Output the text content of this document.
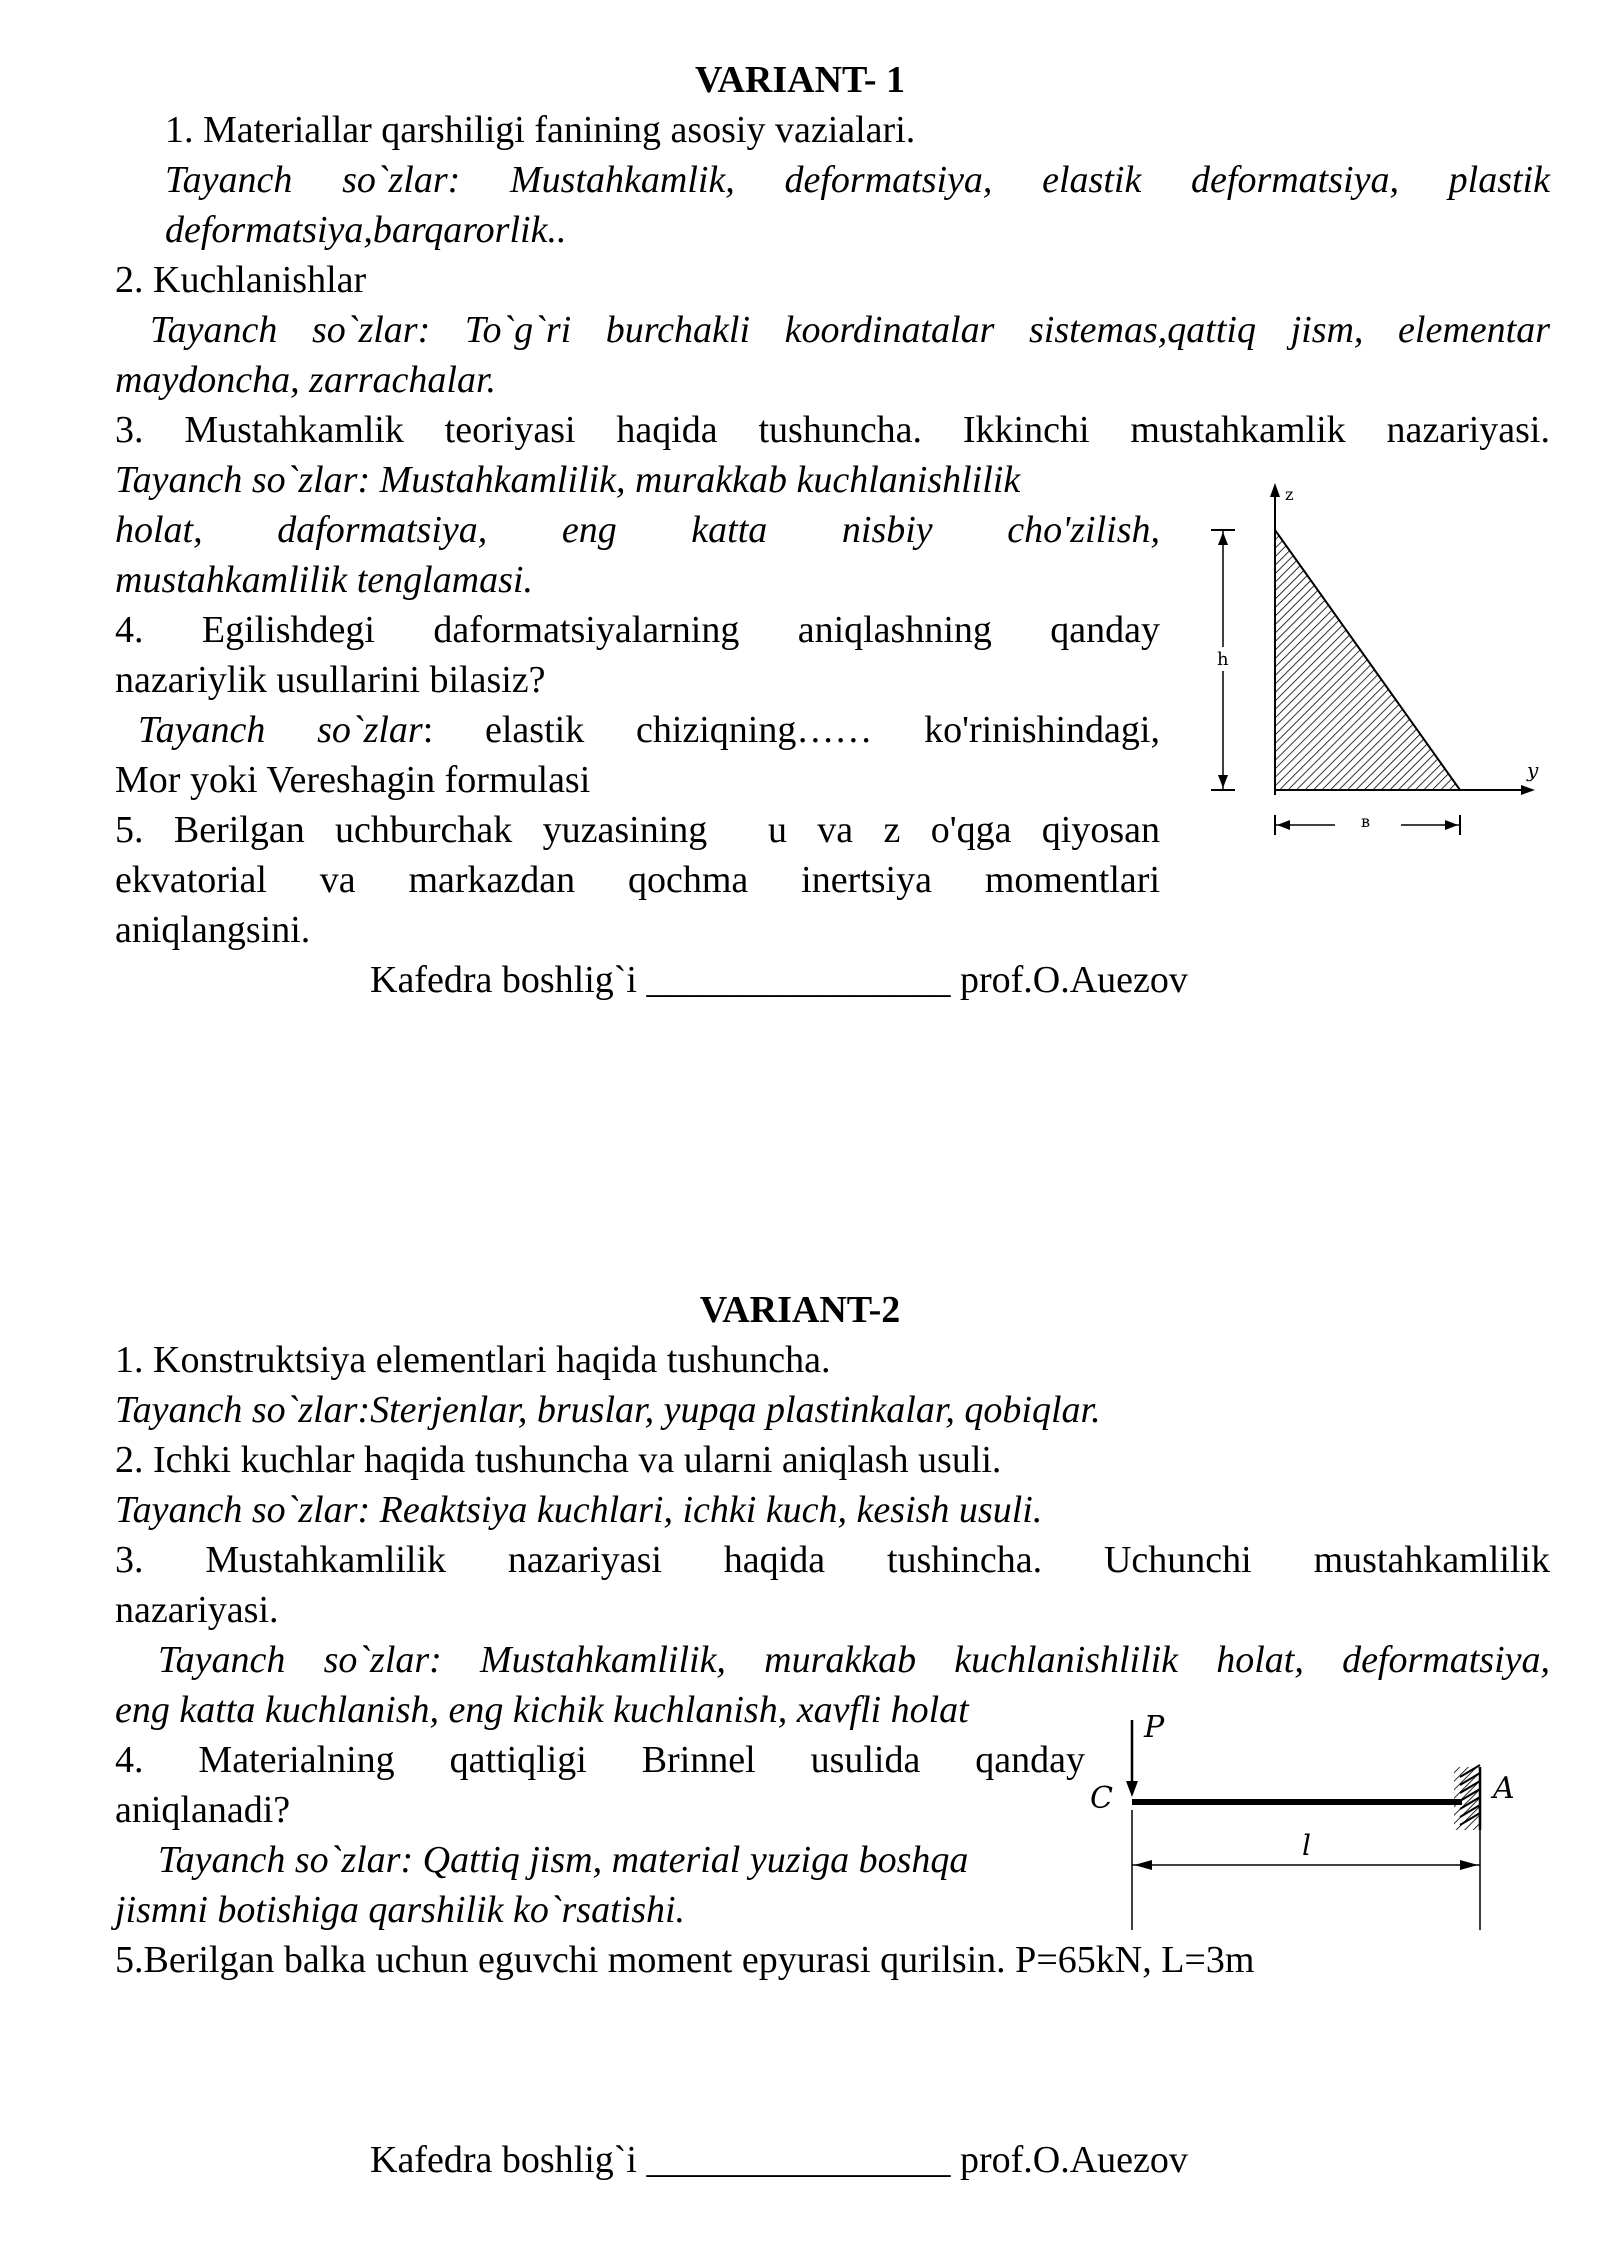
VARIANT- 1
1. Materiallar qarshiligi fanining asosiy vazialari.
Tayanch so`zlar: Mustahkamlik, deformatsiya, elastik deformatsiya, plastik
deformatsiya,barqarorlik..
2. Kuchlanishlar
Tayanch so`zlar: To`g`ri burchakli koordinatalar sistemas,qattiq jism, elementar
maydoncha, zarrachalar.
3. Mustahkamlik teoriyasi haqida tushuncha. Ikkinchi mustahkamlik nazariyasi.
Tayanch so`zlar: Mustahkamlilik, murakkab kuchlanishlilik
holat, daformatsiya, eng katta nisbiy cho'zilish,
mustahkamlilik tenglamasi.
4. Egilishdegi daformatsiyalarning aniqlashning qanday
nazariylik usullarini bilasiz?
Tayanch so`zlar: elastik chiziqning…… ko'rinishindagi,
Mor yoki Vereshagin formulasi
5. Berilgan uchburchak yuzasining  u va z o'qga qiyosan
ekvatorial va markazdan qochma inertsiya momentlari
aniqlangsini.
Kafedra boshlig`i ________________ prof.O.Auezov
z
y
h
в
VARIANT-2
1. Konstruktsiya elementlari haqida tushuncha.
Tayanch so`zlar:Sterjenlar, bruslar, yupqa plastinkalar, qobiqlar.
2. Ichki kuchlar haqida tushuncha va ularni aniqlash usuli.
Tayanch so`zlar: Reaktsiya kuchlari, ichki kuch, kesish usuli.
3. Mustahkamlilik nazariyasi haqida tushincha. Uchunchi mustahkamlilik
nazariyasi.
Tayanch so`zlar: Mustahkamlilik, murakkab kuchlanishlilik holat, deformatsiya,
eng katta kuchlanish, eng kichik kuchlanish, xavfli holat
4. Materialning qattiqligi Brinnel usulida qanday
aniqlanadi?
Tayanch so`zlar: Qattiq jism, material yuziga boshqa
jismni botishiga qarshilik ko`rsatishi.
5.Berilgan balka uchun eguvchi moment epyurasi qurilsin. P=65kN, L=3m
Kafedra boshlig`i ________________ prof.O.Auezov
P
C	A
l
